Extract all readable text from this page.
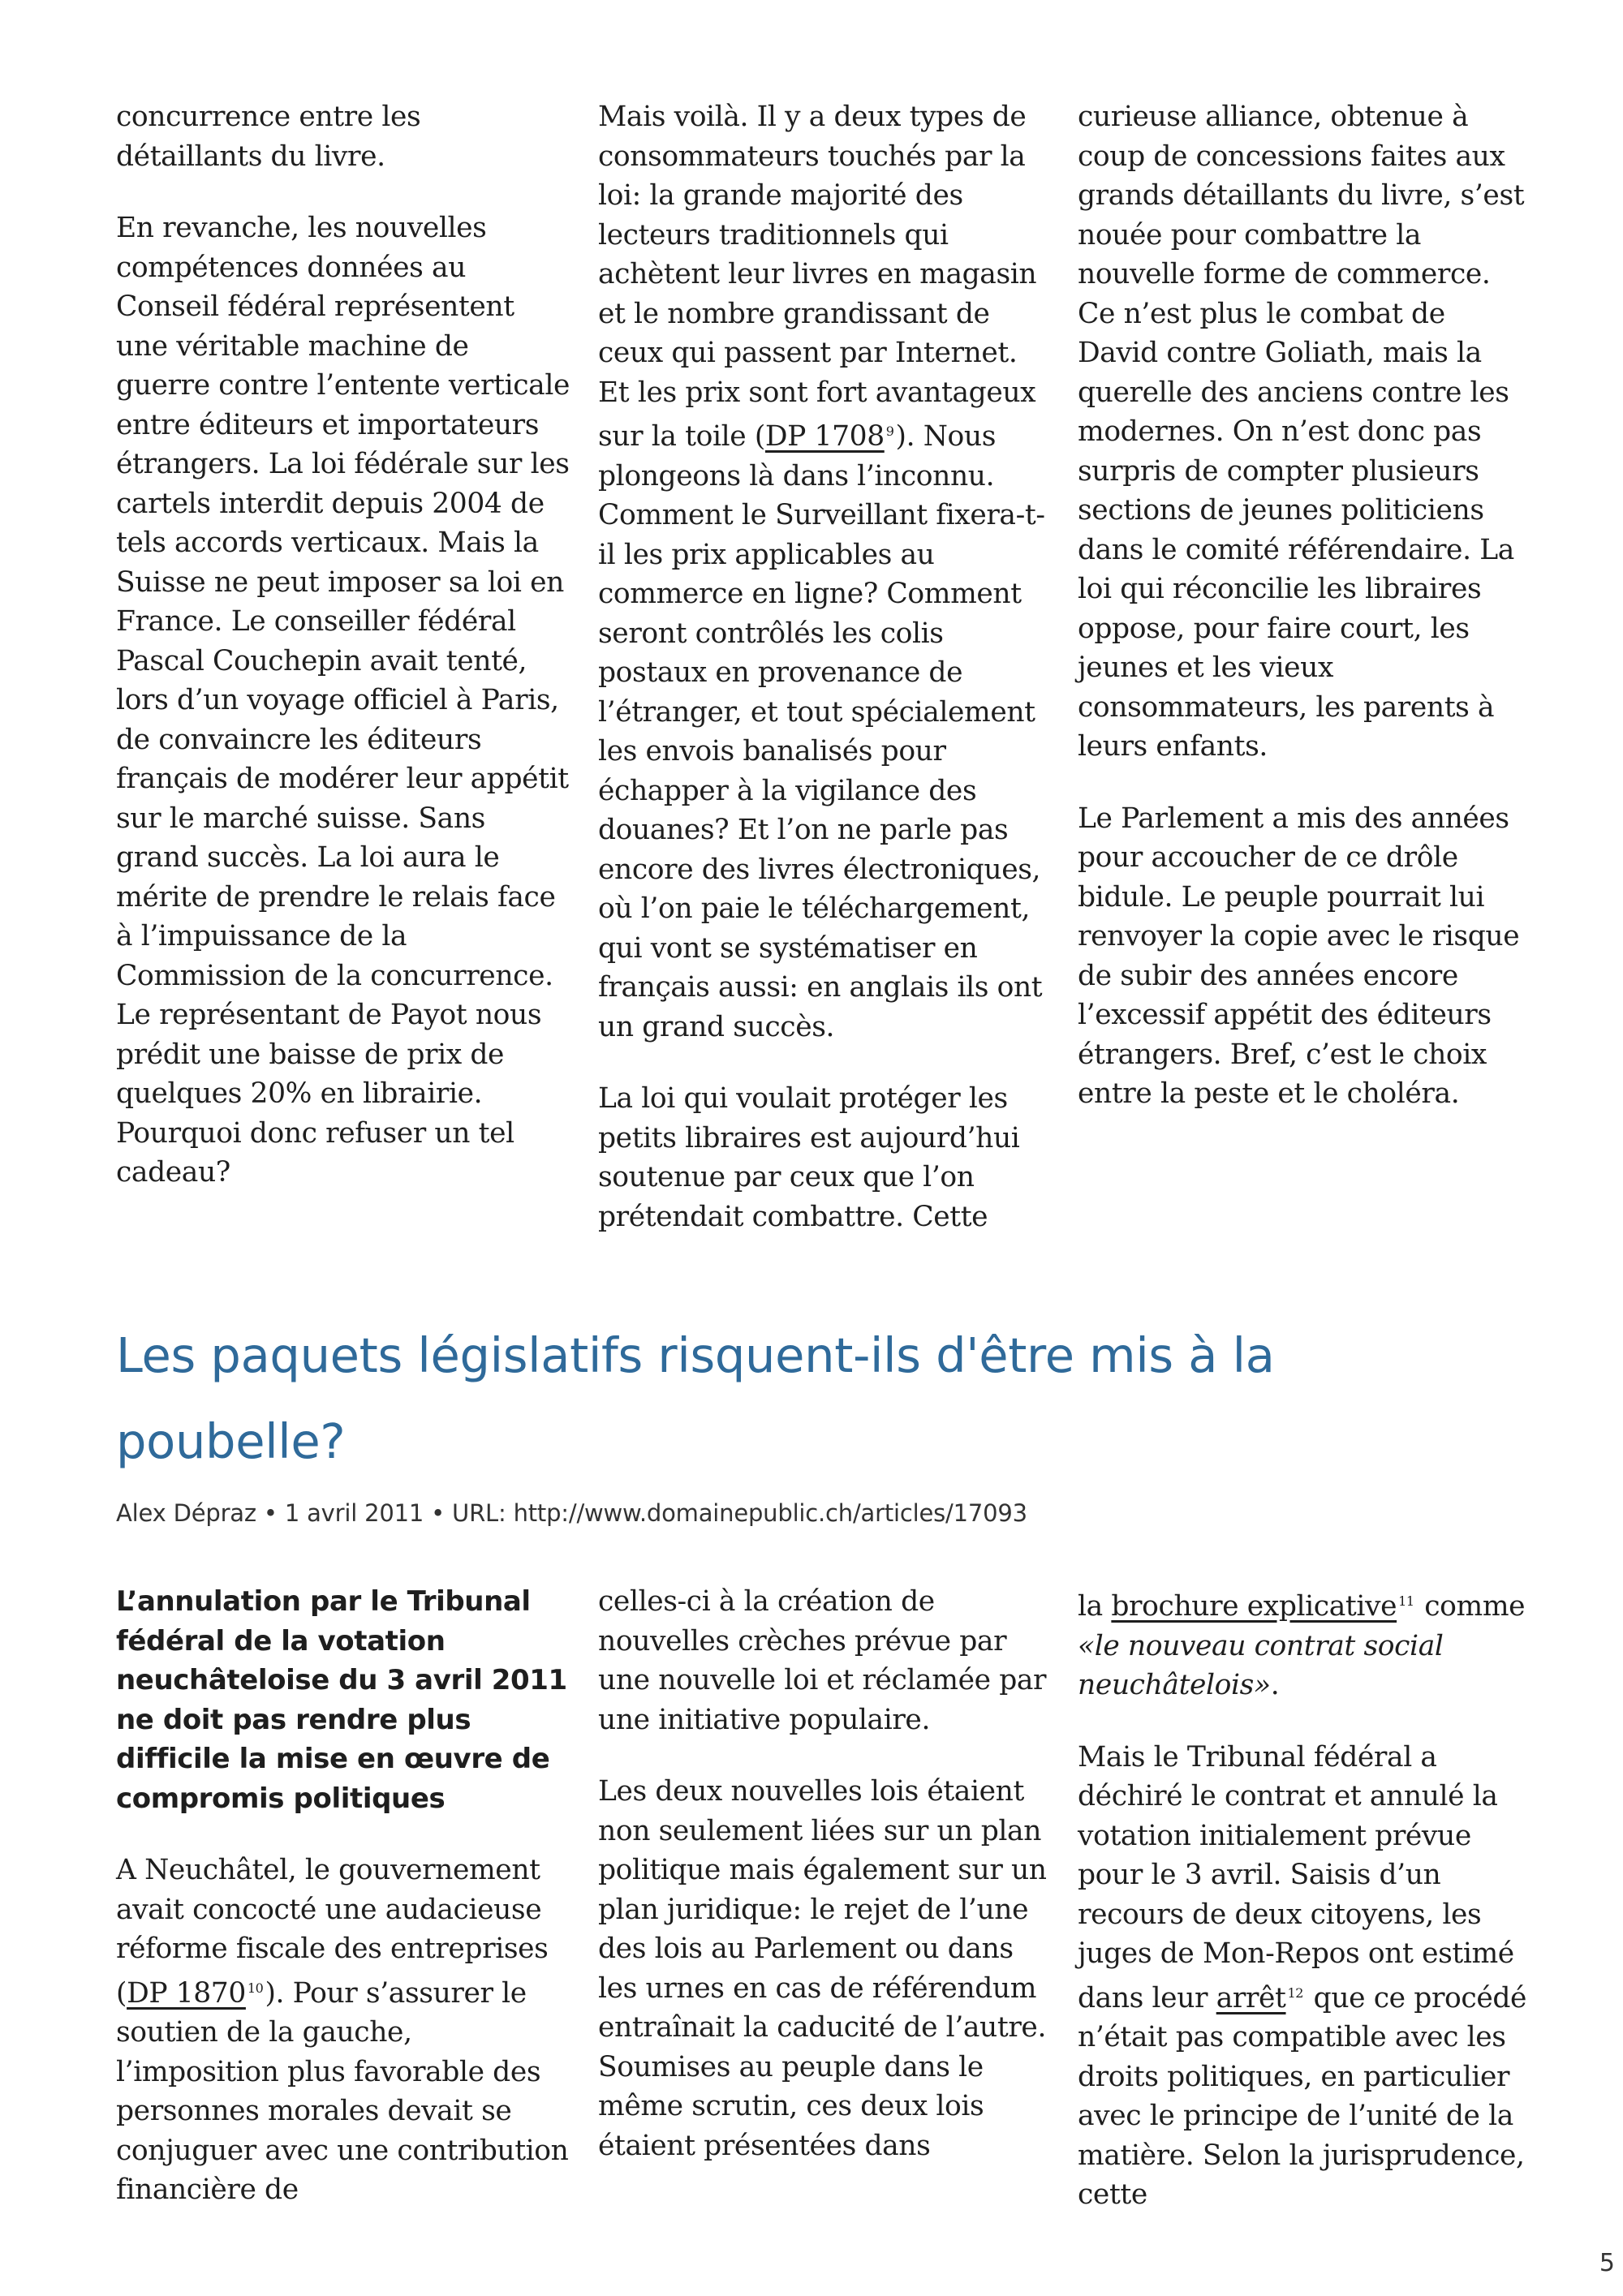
concurrence entre les détaillants du livre.

En revanche, les nouvelles compétences données au Conseil fédéral représentent une véritable machine de guerre contre l’entente verticale entre éditeurs et importateurs étrangers. La loi fédérale sur les cartels interdit depuis 2004 de tels accords verticaux. Mais la Suisse ne peut imposer sa loi en France. Le conseiller fédéral Pascal Couchepin avait tenté, lors d’un voyage officiel à Paris, de convaincre les éditeurs français de modérer leur appétit sur le marché suisse. Sans grand succès. La loi aura le mérite de prendre le relais face à l’impuissance de la Commission de la concurrence. Le représentant de Payot nous prédit une baisse de prix de quelques 20% en librairie. Pourquoi donc refuser un tel cadeau?

Mais voilà. Il y a deux types de consommateurs touchés par la loi: la grande majorité des lecteurs traditionnels qui achètent leur livres en magasin et le nombre grandissant de ceux qui passent par Internet. Et les prix sont fort avantageux sur la toile (DP 1708 $^9$). Nous plongeons là dans l’inconnu. Comment le Surveillant fixera-t-il les prix applicables au commerce en ligne? Comment seront contrôlés les colis postaux en provenance de l’étranger, et tout spécialement les envois banalisés pour échapper à la vigilance des douanes? Et l’on ne parle pas encore des livres électroniques, où l’on paie le téléchargement, qui vont se systématiser en français aussi: en anglais ils ont un grand succès.

La loi qui voulait protéger les petits libraires est aujourd’hui soutenue par ceux que l’on prétendait combattre. Cette

curieuse alliance, obtenue à coup de concessions faites aux grands détaillants du livre, s’est nouée pour combattre la nouvelle forme de commerce. Ce n’est plus le combat de David contre Goliath, mais la querelle des anciens contre les modernes. On n’est donc pas surpris de compter plusieurs sections de jeunes politiciens dans le comité référendaire. La loi qui réconcilie les libraires oppose, pour faire court, les jeunes et les vieux consommateurs, les parents à leurs enfants.

Le Parlement a mis des années pour accoucher de ce drôle bidule. Le peuple pourrait lui renvoyer la copie avec le risque de subir des années encore l’excessif appétit des éditeurs étrangers. Bref, c’est le choix entre la peste et le choléra.

Les paquets législatifs risquent-ils d'être mis à la poubelle?
Alex Dépraz • 1 avril 2011 • URL: http://www.domainepublic.ch/articles/17093

L’annulation par le Tribunal fédéral de la votation neuchâteloise du 3 avril 2011 ne doit pas rendre plus difficile la mise en œuvre de compromis politiques

A Neuchâtel, le gouvernement avait concocté une audacieuse réforme fiscale des entreprises (DP 1870 $^{10}$). Pour s’assurer le soutien de la gauche, l’imposition plus favorable des personnes morales devait se conjuguer avec une contribution financière de

celles-ci à la création de nouvelles crèches prévue par une nouvelle loi et réclamée par une initiative populaire.

Les deux nouvelles lois étaient non seulement liées sur un plan politique mais également sur un plan juridique: le rejet de l’une des lois au Parlement ou dans les urnes en cas de référendum entraînait la caducité de l’autre. Soumises au peuple dans le même scrutin, ces deux lois étaient présentées dans

la brochure explicative $^{11}$ comme «le nouveau contrat social neuchâtelois».

Mais le Tribunal fédéral a déchiré le contrat et annulé la votation initialement prévue pour le 3 avril. Saisis d’un recours de deux citoyens, les juges de Mon-Repos ont estimé dans leur arrêt $^{12}$ que ce procédé n’était pas compatible avec les droits politiques, en particulier avec le principe de l’unité de la matière. Selon la jurisprudence, cette

5
